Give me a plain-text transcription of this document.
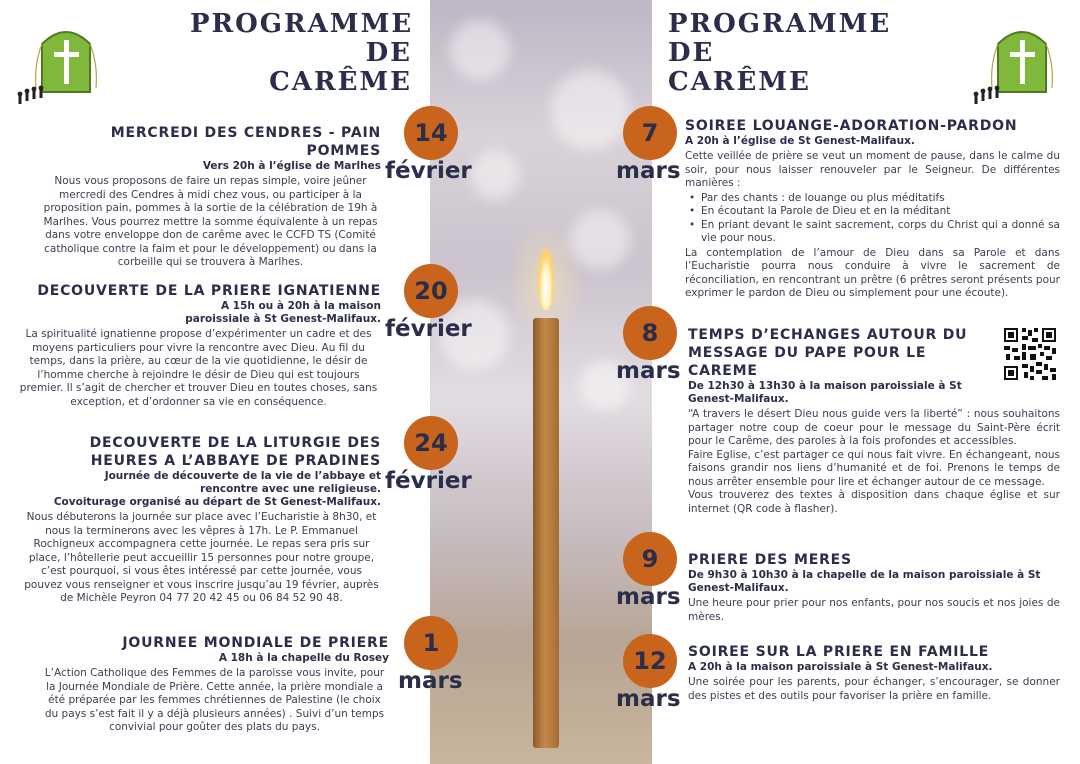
PROGRAMME
DE
CARÊME
PROGRAMME
DE
CARÊME
14
février
20
février
24
février
1
mars
7
mars
8
mars
9
mars
12
mars
MERCREDI DES CENDRES - PAIN POMMES
Vers 20h à l’église de Marlhes
Nous vous proposons de faire un repas simple, voire jeûner mercredi des Cendres à midi chez vous, ou participer à la proposition pain, pommes à la sortie de la célébration de 19h à Marlhes. Vous pourrez mettre la somme équivalente à un repas dans votre enveloppe don de carême avec le CCFD TS (Comité catholique contre la faim et pour le développement) ou dans la corbeille qui se trouvera à Marlhes.
DECOUVERTE DE LA PRIERE IGNATIENNE
A 15h ou à 20h à la maison paroissiale à St Genest-Malifaux.
La spiritualité ignatienne propose d’expérimenter un cadre et des moyens particuliers pour vivre la rencontre avec Dieu. Au fil du temps, dans la prière, au cœur de la vie quotidienne, le désir de l’homme cherche à rejoindre le désir de Dieu qui est toujours premier. Il s’agit de chercher et trouver Dieu en toutes choses, sans exception, et d’ordonner sa vie en conséquence.
DECOUVERTE DE LA LITURGIE DES HEURES A L’ABBAYE DE PRADINES
Journée de découverte de la vie de l’abbaye et rencontre avec une religieuse.
Covoiturage organisé au départ de St Genest-Malifaux.
Nous débuterons la journée sur place avec l’Eucharistie à 8h30, et nous la terminerons avec les vêpres à 17h. Le P. Emmanuel Rochigneux accompagnera cette journée. Le repas sera pris sur place, l’hôtellerie peut accueillir 15 personnes pour notre groupe, c’est pourquoi, si vous êtes intéressé par cette journée, vous pouvez vous renseigner et vous inscrire jusqu’au 19 février, auprès de Michèle Peyron 04 77 20 42 45 ou 06 84 52 90 48.
JOURNEE MONDIALE DE PRIERE
A 18h à la chapelle du Rosey
L’Action Catholique des Femmes de la paroisse vous invite, pour la Journée Mondiale de Prière. Cette année, la prière mondiale a été préparée par les femmes chrétiennes de Palestine (le choix du pays s’est fait il y a déjà plusieurs années) . Suivi d’un temps convivial pour goûter des plats du pays.
SOIREE LOUANGE-ADORATION-PARDON
A 20h à l’église de St Genest-Malifaux.
Cette veillée de prière se veut un moment de pause, dans le calme du soir, pour nous laisser renouveler par le Seigneur. De différentes manières :
• Par des chants : de louange ou plus méditatifs
• En écoutant la Parole de Dieu et en la méditant
• En priant devant le saint sacrement, corps du Christ qui a donné sa vie pour nous.
La contemplation de l’amour de Dieu dans sa Parole et dans l’Eucharistie pourra nous conduire à vivre le sacrement de réconciliation, en rencontrant un prêtre (6 prêtres seront présents pour exprimer le pardon de Dieu ou simplement pour une écoute).
TEMPS D’ECHANGES AUTOUR DU MESSAGE DU PAPE POUR LE CAREME
De 12h30 à 13h30 à la maison paroissiale à St Genest-Malifaux.
“A travers le désert Dieu nous guide vers la liberté” : nous souhaitons partager notre coup de coeur pour le message du Saint-Père écrit pour le Carême, des paroles à la fois profondes et accessibles.
Faire Eglise, c’est partager ce qui nous fait vivre. En échangeant, nous faisons grandir nos liens d’humanité et de foi. Prenons le temps de nous arrêter ensemble pour lire et échanger autour de ce message.
Vous trouverez des textes à disposition dans chaque église et sur internet (QR code à flasher).
PRIERE DES MERES
De 9h30 à 10h30 à la chapelle de la maison paroissiale à St Genest-Malifaux.
Une heure pour prier pour nos enfants, pour nos soucis et nos joies de mères.
SOIREE SUR LA PRIERE EN FAMILLE
A 20h à la maison paroissiale à St Genest-Malifaux.
Une soirée pour les parents, pour échanger, s’encourager, se donner des pistes et des outils pour favoriser la prière en famille.
